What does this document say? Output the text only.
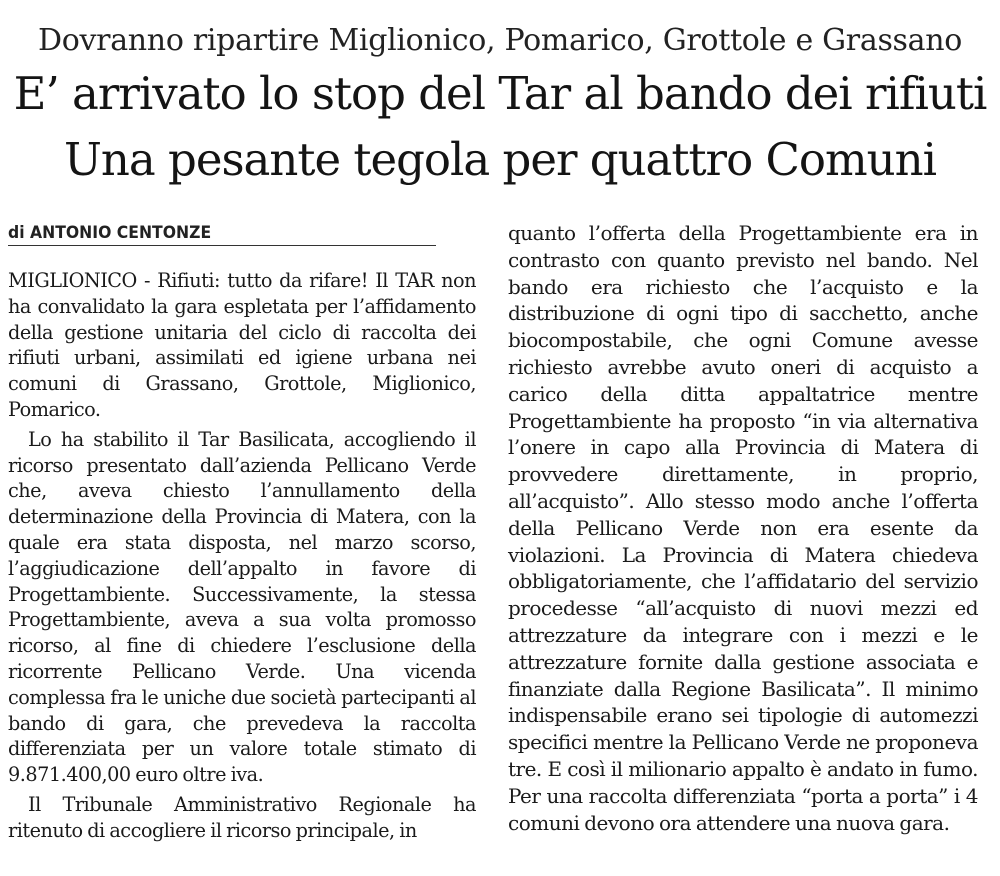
Dovranno ripartire Miglionico, Pomarico, Grottole e Grassano
E’ arrivato lo stop del Tar al bando dei rifiuti
Una pesante tegola per quattro Comuni
di ANTONIO CENTONZE

MIGLIONICO - Rifiuti: tutto da rifare! Il TAR non ha convalidato la gara espletata per l’affidamento della gestione unitaria del ciclo di raccolta dei rifiuti urbani, assimilati ed igiene urbana nei comuni di Grassano, Grottole, Miglionico, Pomarico.

Lo ha stabilito il Tar Basilicata, accogliendo il ricorso presentato dall’azienda Pellicano Verde che, aveva chiesto l’annullamento della determinazione della Provincia di Matera, con la quale era stata disposta, nel marzo scorso, l’aggiudicazione dell’appalto in favore di Progettambiente. Successivamente, la stessa Progettambiente, aveva a sua volta promosso ricorso, al fine di chiedere l’esclusione della ricorrente Pellicano Verde. Una vicenda complessa fra le uniche due società partecipanti al bando di gara, che prevedeva la raccolta differenziata per un valore totale stimato di 9.871.400,00 euro oltre iva.

Il Tribunale Amministrativo Regionale ha ritenuto di accogliere il ricorso principale, in

quanto l’offerta della Progettambiente era in contrasto con quanto previsto nel bando. Nel bando era richiesto che l’acquisto e la distribuzione di ogni tipo di sacchetto, anche biocompostabile, che ogni Comune avesse richiesto avrebbe avuto oneri di acquisto a carico della ditta appaltatrice mentre Progettambiente ha proposto “in via alternativa l’onere in capo alla Provincia di Matera di provvedere direttamente, in proprio, all’acquisto”. Allo stesso modo anche l’offerta della Pellicano Verde non era esente da violazioni. La Provincia di Matera chiedeva obbligatoriamente, che l’affidatario del servizio procedesse “all’acquisto di nuovi mezzi ed attrezzature da integrare con i mezzi e le attrezzature fornite dalla gestione associata e finanziate dalla Regione Basilicata”. Il minimo indispensabile erano sei tipologie di automezzi specifici mentre la Pellicano Verde ne proponeva tre. E così il milionario appalto è andato in fumo. Per una raccolta differenziata “porta a porta” i 4 comuni devono ora attendere una nuova gara.
